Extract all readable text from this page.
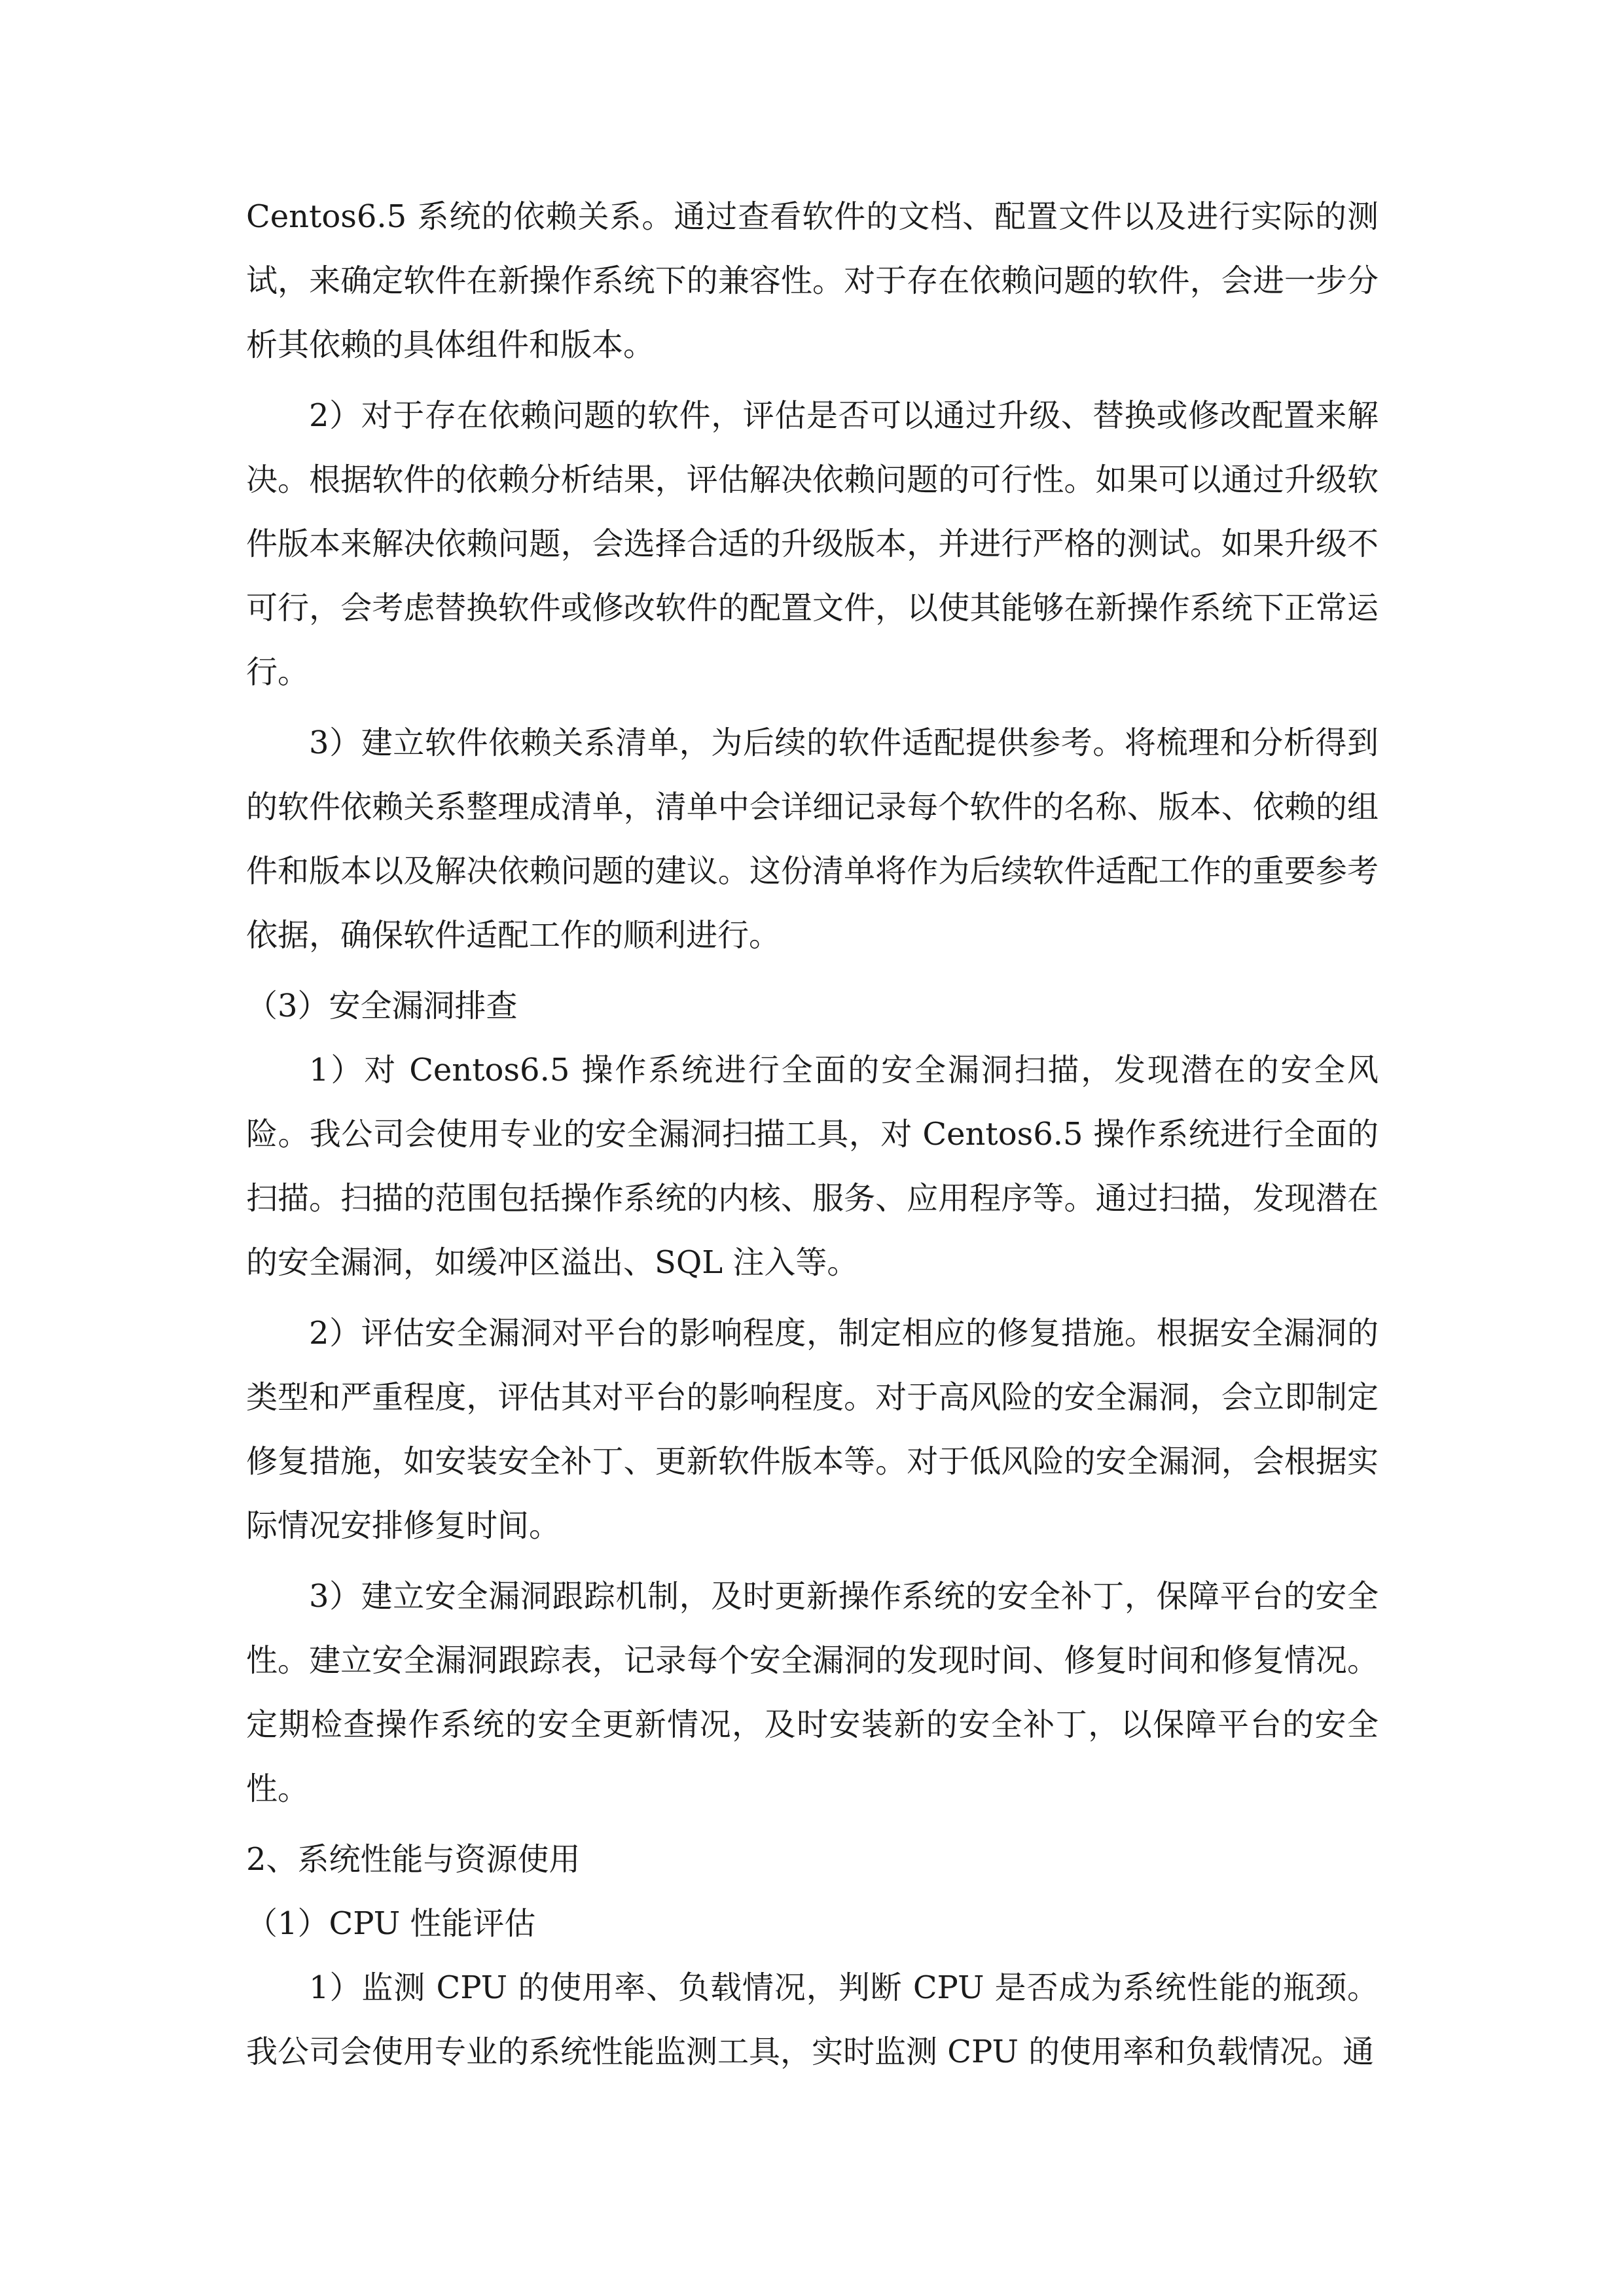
Centos6.5 系统的依赖关系。通过查看软件的文档、配置文件以及进行实际的测试，来确定软件在新操作系统下的兼容性。对于存在依赖问题的软件，会进一步分析其依赖的具体组件和版本。

2）对于存在依赖问题的软件，评估是否可以通过升级、替换或修改配置来解决。根据软件的依赖分析结果，评估解决依赖问题的可行性。如果可以通过升级软件版本来解决依赖问题，会选择合适的升级版本，并进行严格的测试。如果升级不可行，会考虑替换软件或修改软件的配置文件，以使其能够在新操作系统下正常运行。

3）建立软件依赖关系清单，为后续的软件适配提供参考。将梳理和分析得到的软件依赖关系整理成清单，清单中会详细记录每个软件的名称、版本、依赖的组件和版本以及解决依赖问题的建议。这份清单将作为后续软件适配工作的重要参考依据，确保软件适配工作的顺利进行。

（3）安全漏洞排查

1）对 Centos6.5 操作系统进行全面的安全漏洞扫描，发现潜在的安全风险。我公司会使用专业的安全漏洞扫描工具，对 Centos6.5 操作系统进行全面的扫描。扫描的范围包括操作系统的内核、服务、应用程序等。通过扫描，发现潜在的安全漏洞，如缓冲区溢出、SQL 注入等。

2）评估安全漏洞对平台的影响程度，制定相应的修复措施。根据安全漏洞的类型和严重程度，评估其对平台的影响程度。对于高风险的安全漏洞，会立即制定修复措施，如安装安全补丁、更新软件版本等。对于低风险的安全漏洞，会根据实际情况安排修复时间。

3）建立安全漏洞跟踪机制，及时更新操作系统的安全补丁，保障平台的安全性。建立安全漏洞跟踪表，记录每个安全漏洞的发现时间、修复时间和修复情况。定期检查操作系统的安全更新情况，及时安装新的安全补丁，以保障平台的安全性。

2、系统性能与资源使用

（1）CPU 性能评估

1）监测 CPU 的使用率、负载情况，判断 CPU 是否成为系统性能的瓶颈。我公司会使用专业的系统性能监测工具，实时监测 CPU 的使用率和负载情况。通
